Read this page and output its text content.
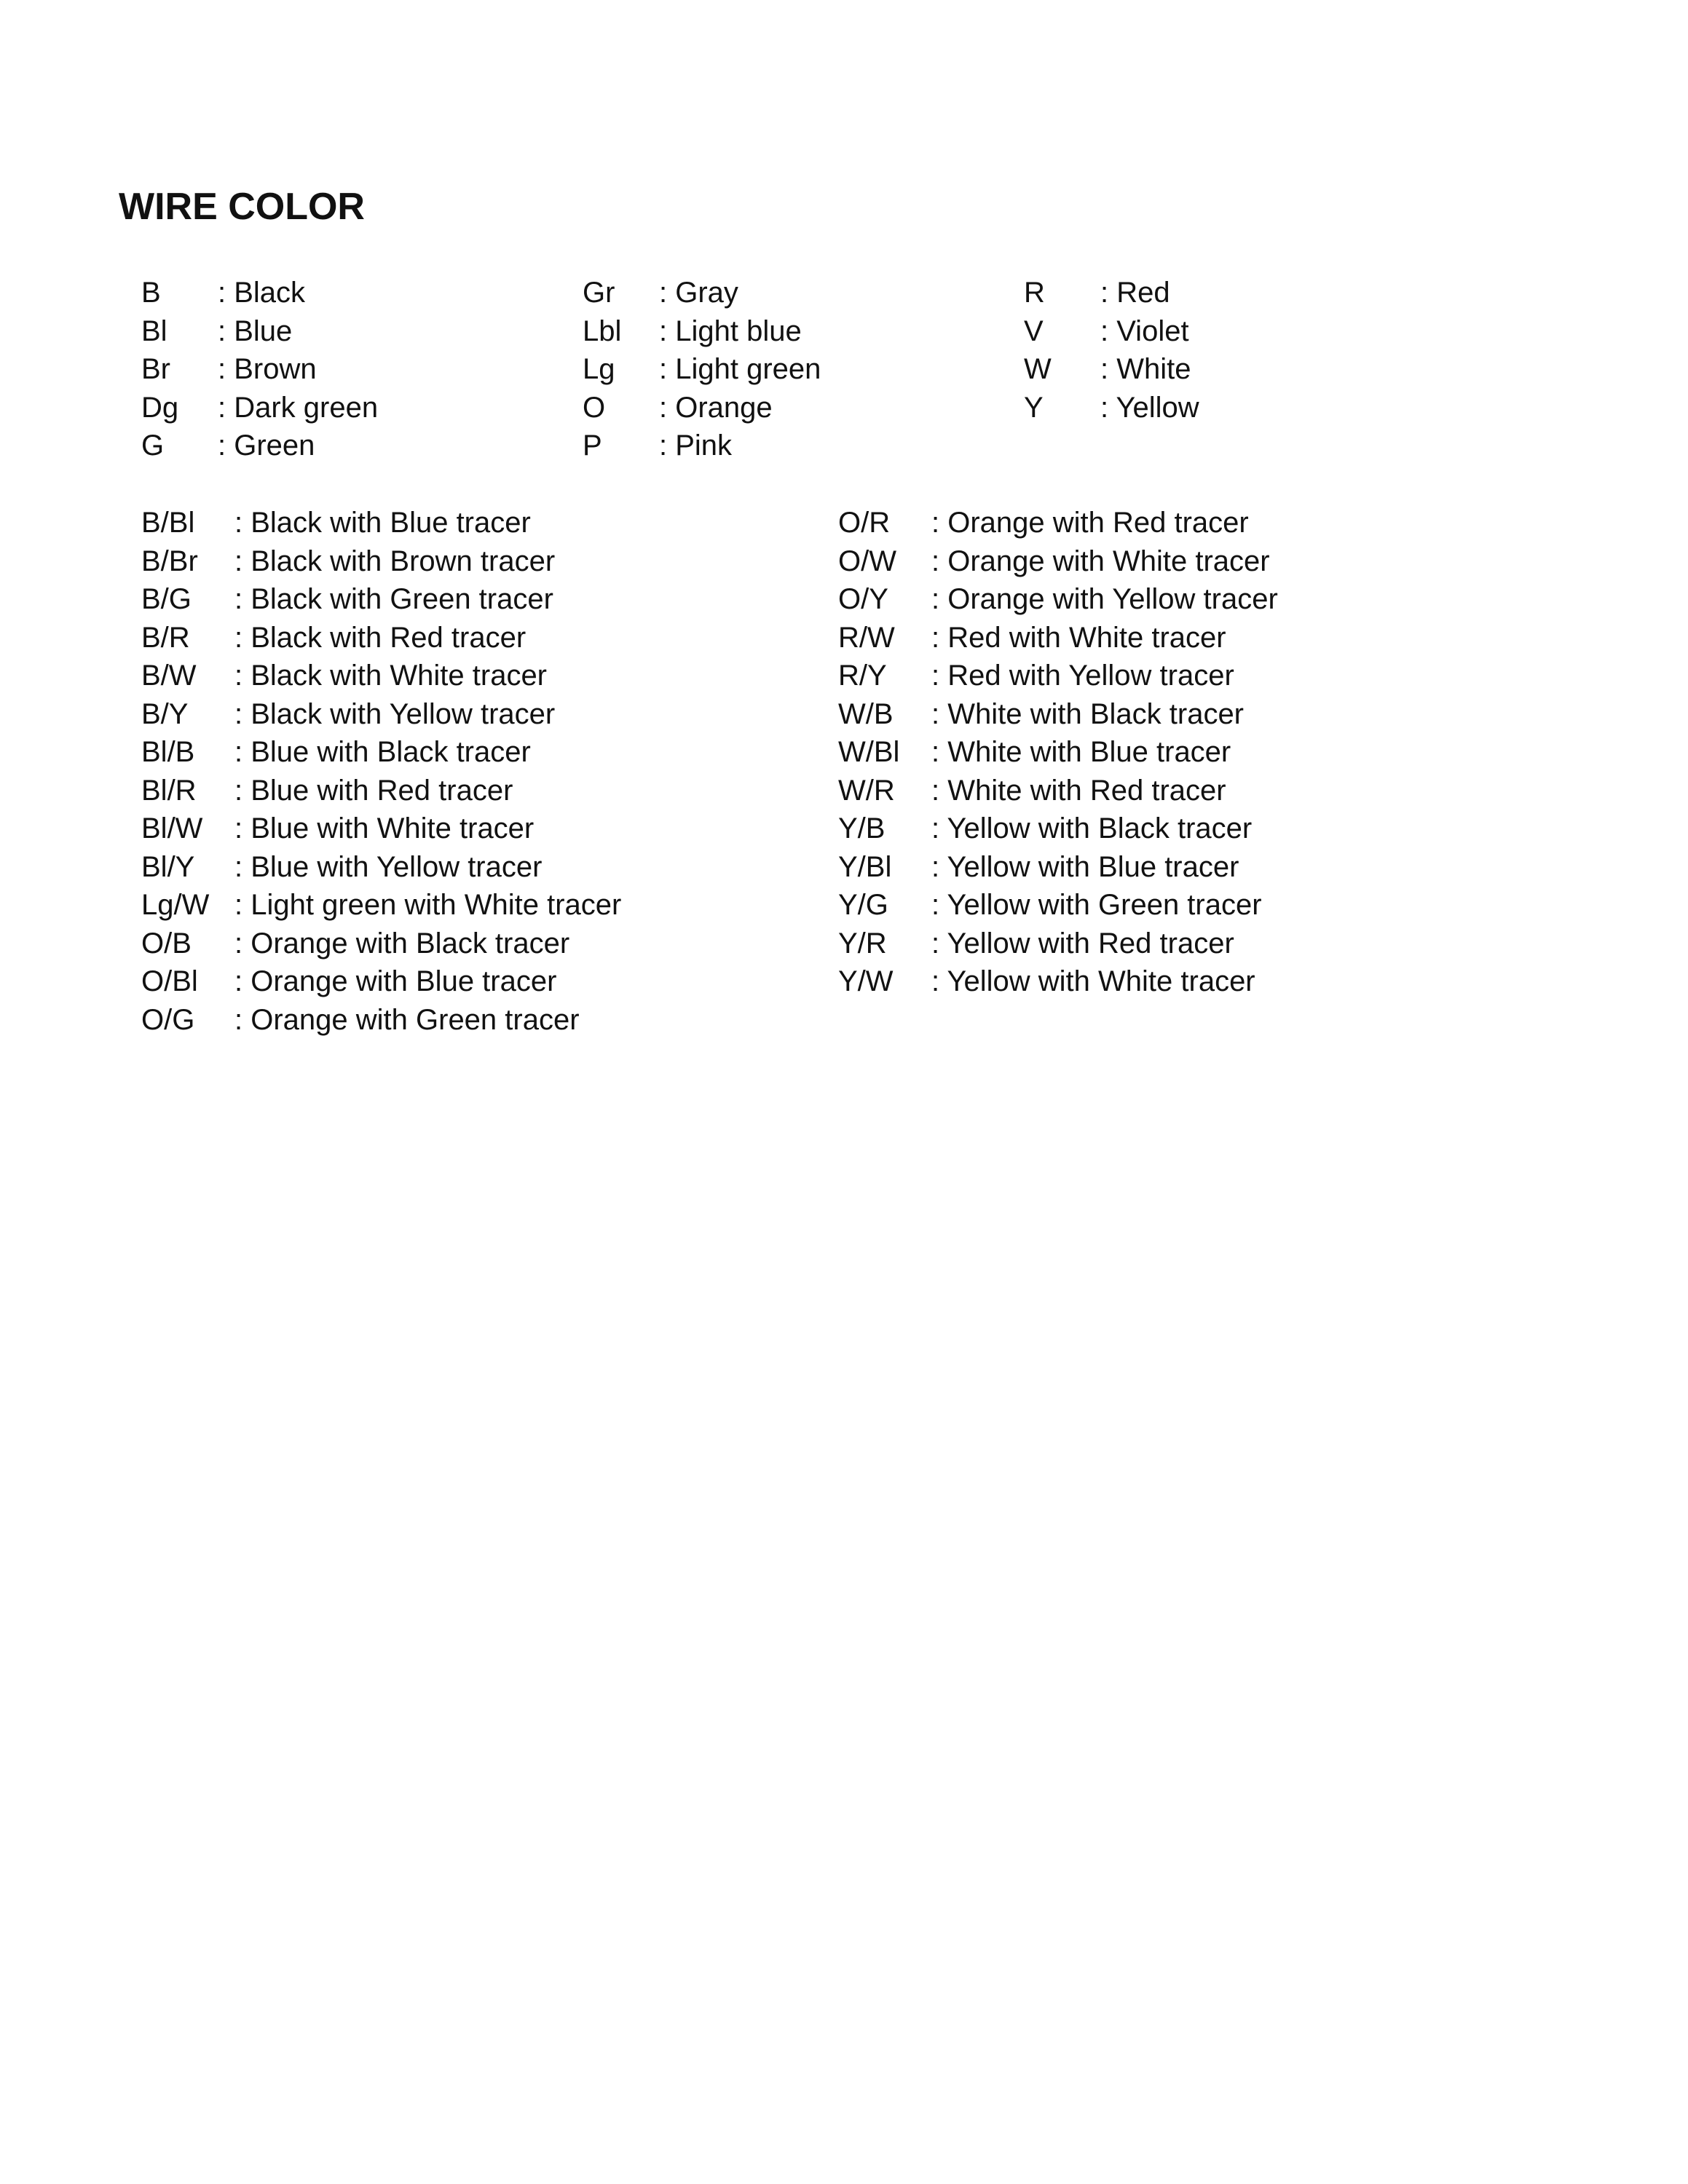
WIRE COLOR
B : Black
Bl : Blue
Br : Brown
Dg : Dark green
G : Green
Gr : Gray
Lbl : Light blue
Lg : Light green
O : Orange
P : Pink
R : Red
V : Violet
W : White
Y : Yellow
B/Bl : Black with Blue tracer
B/Br : Black with Brown tracer
B/G : Black with Green tracer
B/R : Black with Red tracer
B/W : Black with White tracer
B/Y : Black with Yellow tracer
Bl/B : Blue with Black tracer
Bl/R : Blue with Red tracer
Bl/W : Blue with White tracer
Bl/Y : Blue with Yellow tracer
Lg/W : Light green with White tracer
O/B : Orange with Black tracer
O/Bl : Orange with Blue tracer
O/G : Orange with Green tracer
O/R : Orange with Red tracer
O/W : Orange with White tracer
O/Y : Orange with Yellow tracer
R/W : Red with White tracer
R/Y : Red with Yellow tracer
W/B : White with Black tracer
W/Bl : White with Blue tracer
W/R : White with Red tracer
Y/B : Yellow with Black tracer
Y/Bl : Yellow with Blue tracer
Y/G : Yellow with Green tracer
Y/R : Yellow with Red tracer
Y/W : Yellow with White tracer
